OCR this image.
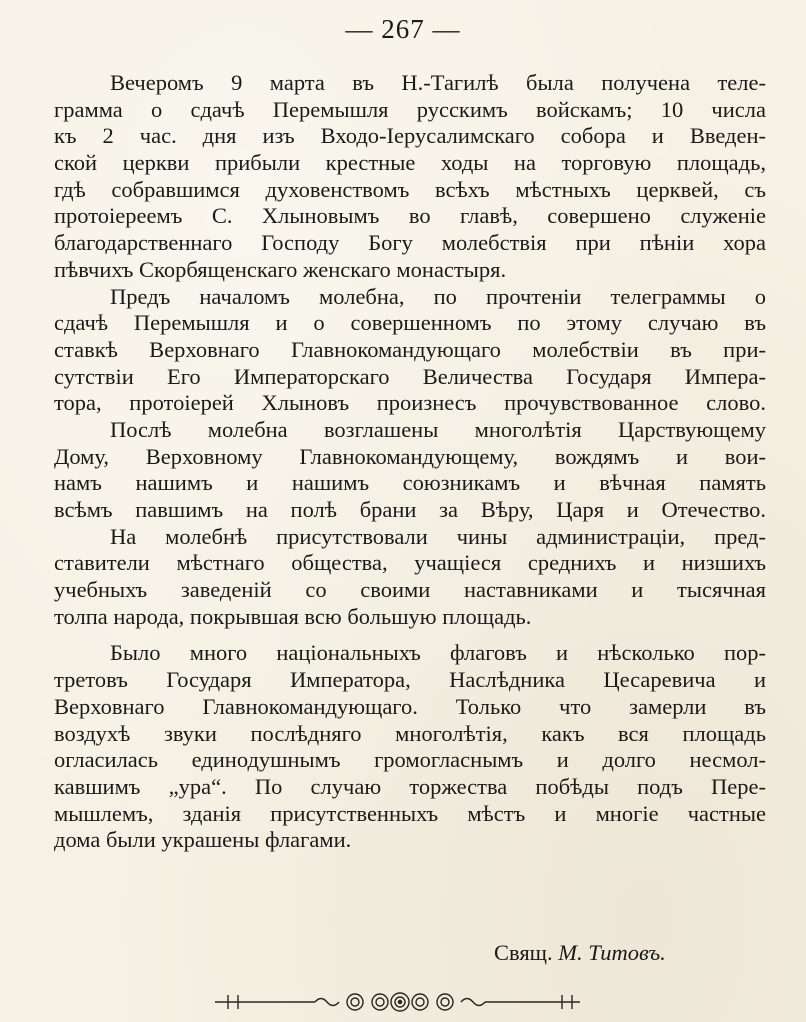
— 267 —
Вечеромъ 9 марта въ Н.-Тагилѣ была получена теле-
грамма о сдачѣ Перемышля русскимъ войскамъ; 10 числа
къ 2 час. дня изъ Входо-Iерусалимскаго собора и Введен-
ской церкви прибыли крестные ходы на торговую площадь,
гдѣ собравшимся духовенствомъ всѣхъ мѣстныхъ церквей, съ
протоiереемъ С. Хлыновымъ во главѣ, совершено служенiе
благодарственнаго Господу Богу молебствiя при пѣнiи хора
пѣвчихъ Скорбященскаго женскаго монастыря.
Предъ началомъ молебна, по прочтенiи телеграммы о
сдачѣ Перемышля и о совершенномъ по этому случаю въ
ставкѣ Верховнаго Главнокомандующаго молебствiи въ при-
сутствiи Его Императорскаго Величества Государя Импера-
тора, протоiерей Хлыновъ произнесъ прочувствованное слово.
Послѣ молебна возглашены многолѣтiя Царствующему
Дому, Верховному Главнокомандующему, вождямъ и вои-
намъ нашимъ и нашимъ союзникамъ и вѣчная память
всѣмъ павшимъ на полѣ брани за Вѣру, Царя и Отечество.
На молебнѣ присутствовали чины администрацiи, пред-
ставители мѣстнаго общества, учащiеся среднихъ и низшихъ
учебныхъ заведенiй со своими наставниками и тысячная
толпа народа, покрывшая всю большую площадь.
Было много нацiональныхъ флаговъ и нѣсколько пор-
третовъ Государя Императора, Наслѣдника Цесаревича и
Верховнаго Главнокомандующаго. Только что замерли въ
воздухѣ звуки послѣдняго многолѣтiя, какъ вся площадь
огласилась единодушнымъ громогласнымъ и долго несмол-
кавшимъ „ура“. По случаю торжества побѣды подъ Пере-
мышлемъ, зданiя присутственныхъ мѣстъ и многiе частные
дома были украшены флагами.
Свящ. М. Титовъ.
